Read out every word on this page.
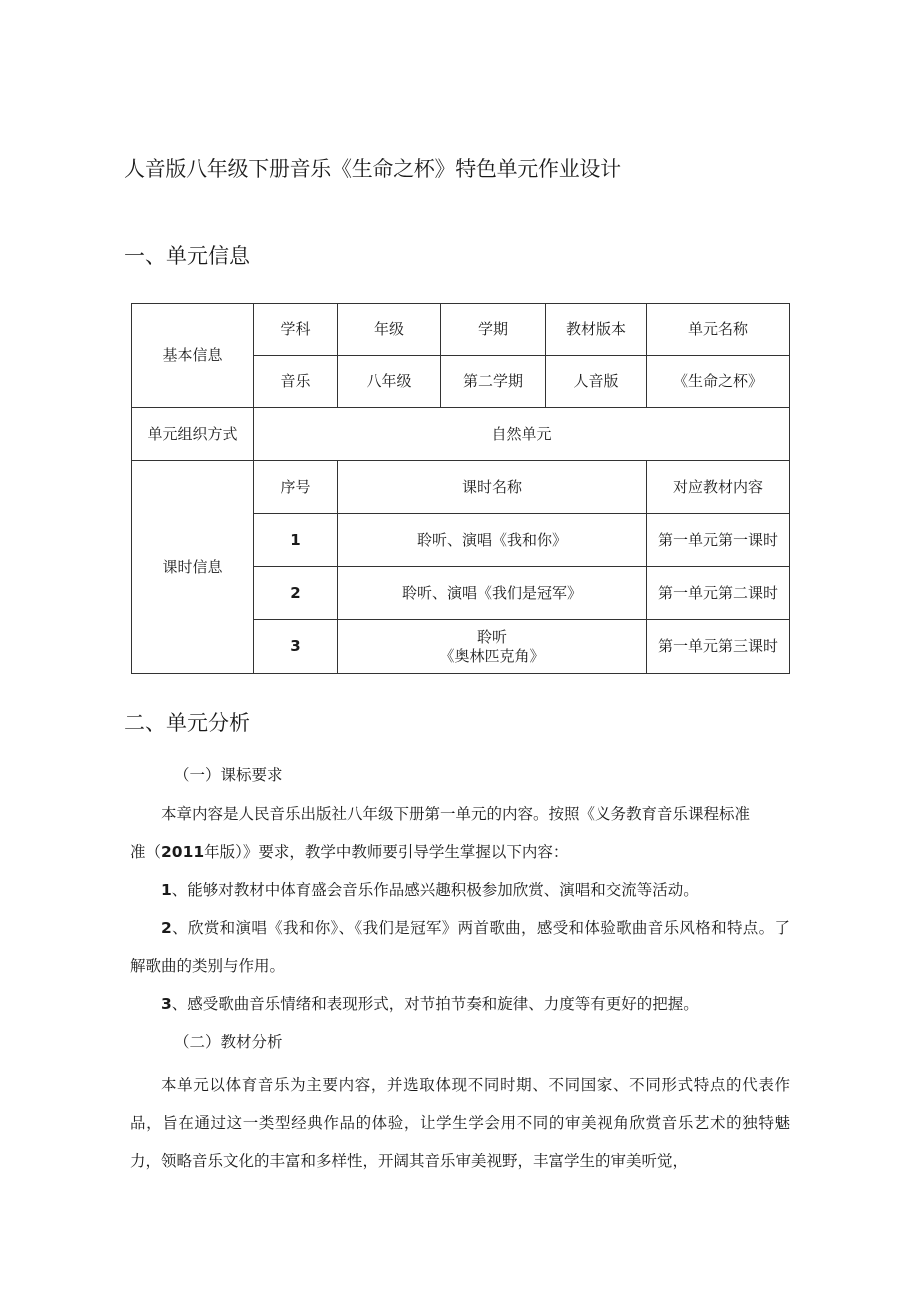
人音版八年级下册音乐《生命之杯》特色单元作业设计
一、单元信息
基本信息	学科	年级	学期	教材版本	单元名称
	音乐	八年级	第二学期	人音版	《生命之杯》
单元组织方式	自然单元				
课时信息	序号	课时名称			对应教材内容
	1	聆听、演唱《我和你》			第一单元第一课时
	2	聆听、演唱《我们是冠军》			第一单元第二课时
	3	聆听
《奥林匹克角》			第一单元第三课时
二、单元分析

（一）课标要求

本章内容是人民音乐出版社八年级下册第一单元的内容。按照《义务教育音乐课程标准

准（2011年版）》要求，教学中教师要引导学生掌握以下内容：

1、能够对教材中体育盛会音乐作品感兴趣积极参加欣赏、演唱和交流等活动。

2、欣赏和演唱《我和你》、《我们是冠军》两首歌曲，感受和体验歌曲音乐风格和特点。了解歌曲的类别与作用。

3、感受歌曲音乐情绪和表现形式，对节拍节奏和旋律、力度等有更好的把握。

（二）教材分析

本单元以体育音乐为主要内容，并选取体现不同时期、不同国家、不同形式特点的代表作品，旨在通过这一类型经典作品的体验，让学生学会用不同的审美视角欣赏音乐艺术的独特魅力，领略音乐文化的丰富和多样性，开阔其音乐审美视野，丰富学生的审美听觉，
